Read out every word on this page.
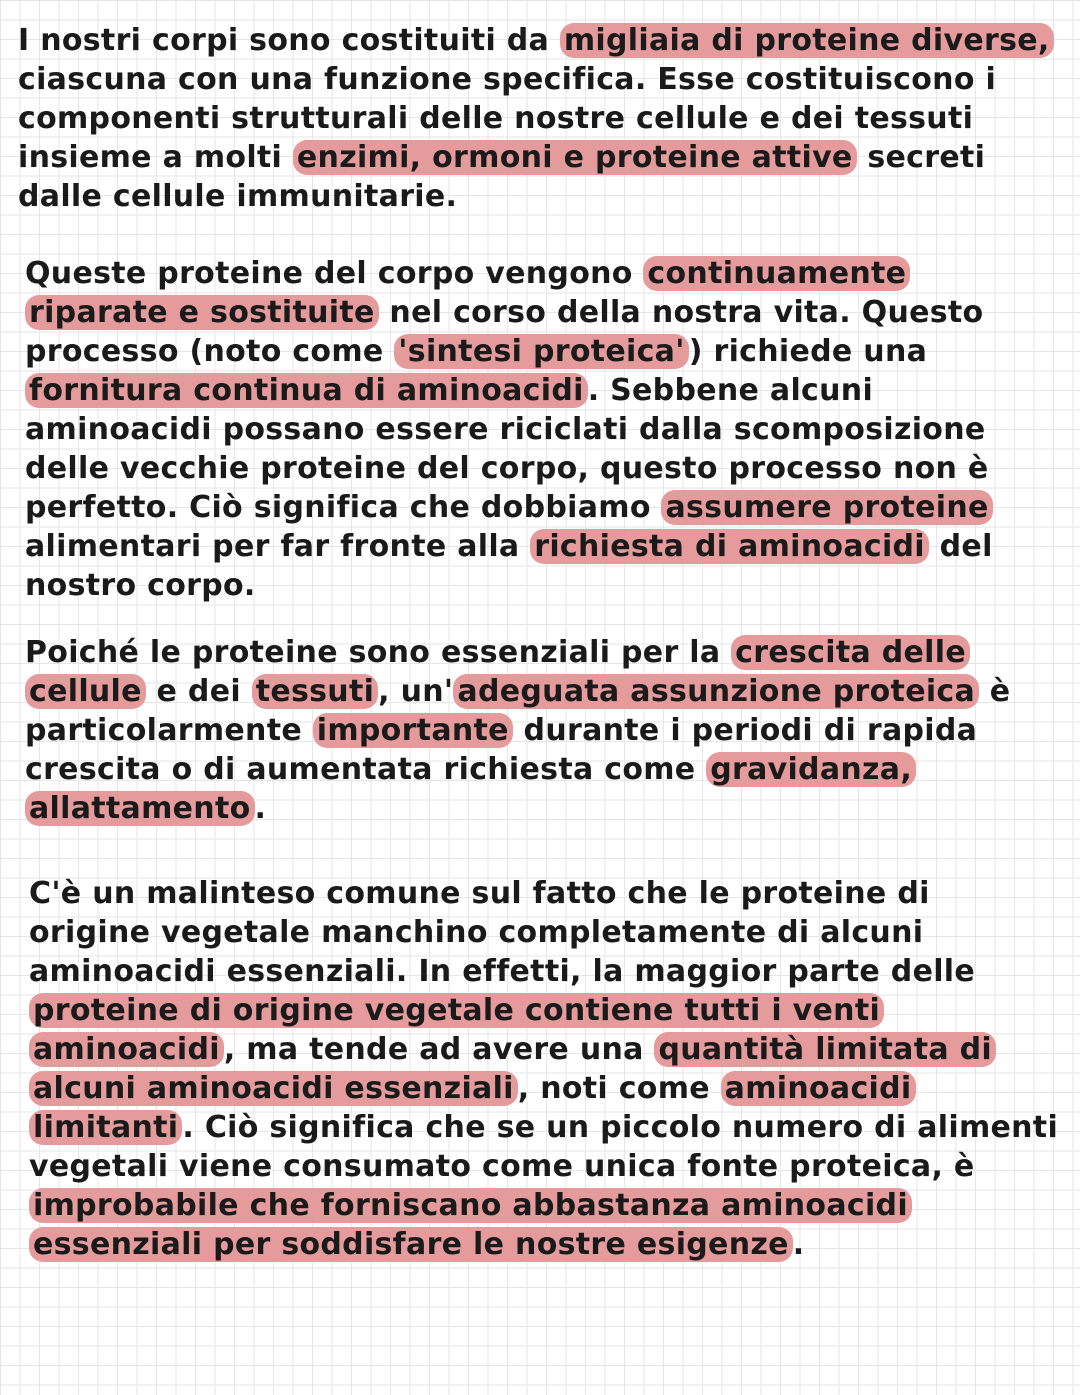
I nostri corpi sono costituiti da migliaia di proteine diverse,
ciascuna con una funzione specifica. Esse costituiscono i
componenti strutturali delle nostre cellule e dei tessuti
insieme a molti enzimi, ormoni e proteine attive secreti
dalle cellule immunitarie.
Queste proteine del corpo vengono continuamente
riparate e sostituite nel corso della nostra vita. Questo
processo (noto come 'sintesi proteica' ) richiede una
fornitura continua di aminoacidi . Sebbene alcuni
aminoacidi possano essere riciclati dalla scomposizione
delle vecchie proteine del corpo, questo processo non è
perfetto. Ciò significa che dobbiamo assumere proteine
alimentari per far fronte alla richiesta di aminoacidi del
nostro corpo.
Poiché le proteine sono essenziali per la crescita delle
cellule e dei tessuti , un' adeguata assunzione proteica è
particolarmente importante durante i periodi di rapida
crescita o di aumentata richiesta come gravidanza,
allattamento .
C'è un malinteso comune sul fatto che le proteine di
origine vegetale manchino completamente di alcuni
aminoacidi essenziali. In effetti, la maggior parte delle
proteine di origine vegetale contiene tutti i venti
aminoacidi , ma tende ad avere una quantità limitata di
alcuni aminoacidi essenziali , noti come aminoacidi
limitanti . Ciò significa che se un piccolo numero di alimenti
vegetali viene consumato come unica fonte proteica, è
improbabile che forniscano abbastanza aminoacidi
essenziali per soddisfare le nostre esigenze .
